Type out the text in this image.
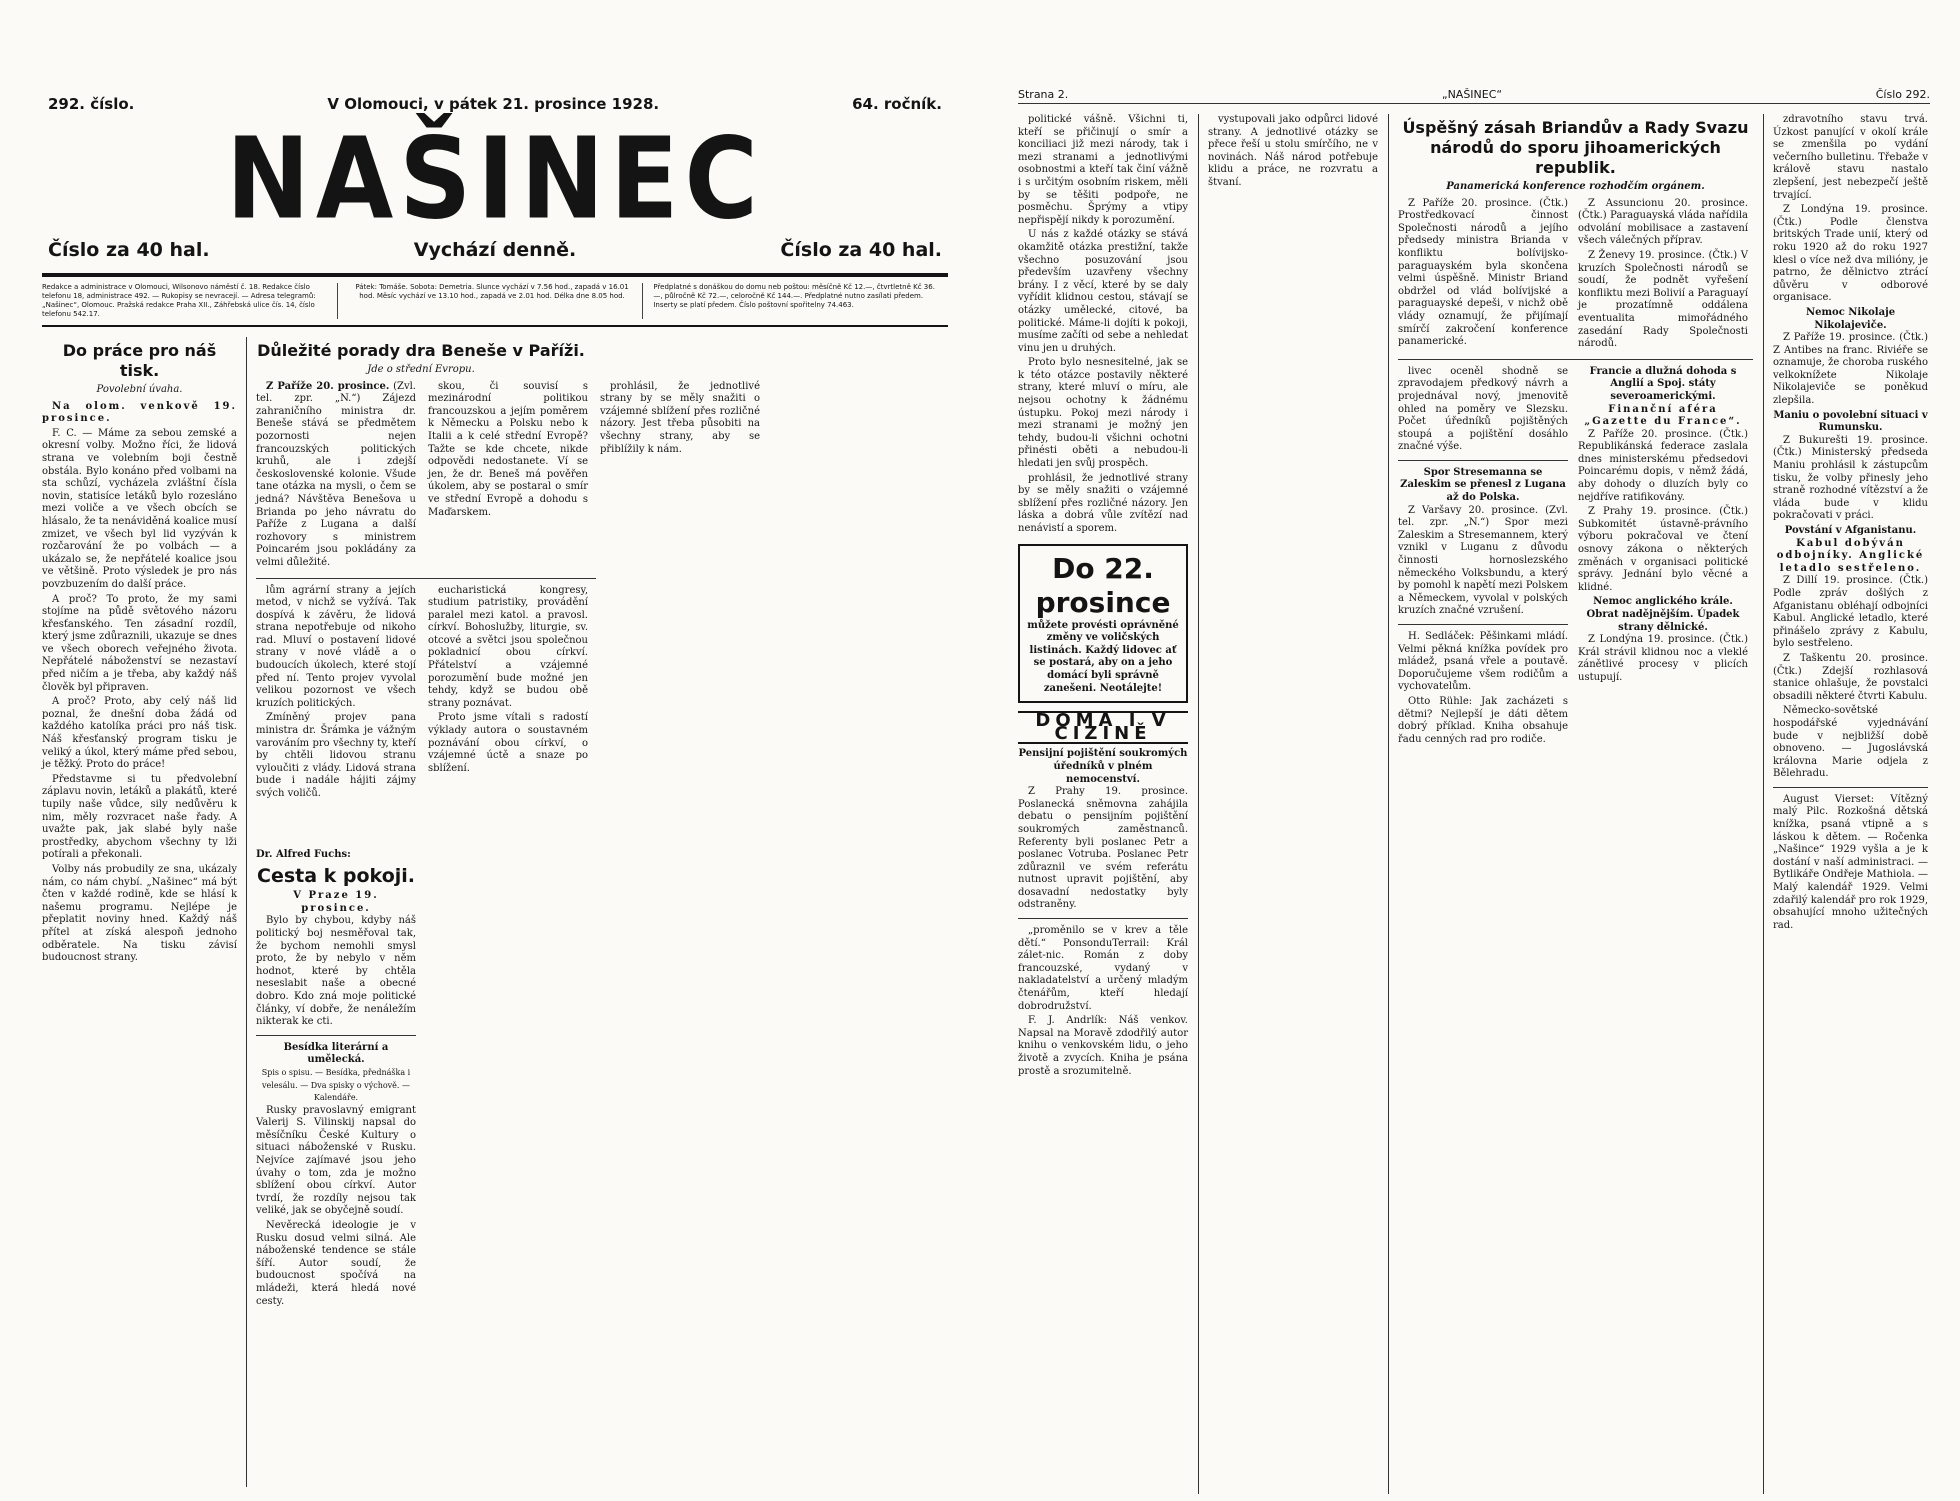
292. číslo.	V Olomouci, v pátek 21. prosince 1928.	64. ročník.
NAŠINEC
Číslo za 40 hal.	Vychází denně.	Číslo za 40 hal.
Redakce a administrace v Olomouci, Wilsonovo náměstí č. 18. Redakce číslo telefonu 18, administrace 492. — Rukopisy se nevracejí. — Adresa telegramů: „Našinec“, Olomouc. Pražská redakce Praha XII., Záhřebská ulice čís. 14, číslo telefonu 542.17.
Pátek: Tomáše. Sobota: Demetria. Slunce vychází v 7.56 hod., zapadá v 16.01 hod. Měsíc vychází ve 13.10 hod., zapadá ve 2.01 hod. Délka dne 8.05 hod.
Předplatné s donáškou do domu neb poštou: měsíčně Kč 12.—, čtvrtletně Kč 36.—, půlročně Kč 72.—, celoročně Kč 144.—. Předplatné nutno zasílati předem. Inserty se platí předem. Číslo poštovní spořitelny 74.463.
Do práce pro náš tisk.
Povolební úvaha.

Na olom. venkově 19. prosince.

F. C. — Máme za sebou zemské a okresní volby. Možno říci, že lidová strana ve volebním boji čestně obstála. Bylo konáno před volbami na sta schůzí, vycházela zvláštní čísla novin, statisíce letáků bylo rozesláno mezi voliče a ve všech obcích se hlásalo, že ta nenáviděná koalice musí zmizet, ve všech byl lid vyzýván k rozčarování že po volbách — a ukázalo se, že nepřátelé koalice jsou ve většině. Proto výsledek je pro nás povzbuzením do další práce.

A proč? To proto, že my sami stojíme na půdě světového názoru křesťanského. Ten zásadní rozdíl, který jsme zdůraznili, ukazuje se dnes ve všech oborech veřejného života. Nepřátelé náboženství se nezastaví před ničím a je třeba, aby každý náš člověk byl připraven.

A proč? Proto, aby celý náš lid poznal, že dnešní doba žádá od každého katolíka práci pro náš tisk. Náš křesťanský program tisku je veliký a úkol, který máme před sebou, je těžký. Proto do práce!

Představme si tu předvolební záplavu novin, letáků a plakátů, které tupily naše vůdce, sily nedůvěru k nim, měly rozvracet naše řady. A uvažte pak, jak slabé byly naše prostředky, abychom všechny ty lži potírali a překonali.

Volby nás probudily ze sna, ukázaly nám, co nám chybí. „Našinec“ má být čten v každé rodině, kde se hlásí k našemu programu. Nejlépe je přeplatit noviny hned. Každý náš přítel at získá alespoň jednoho odběratele. Na tisku závisí budoucnost strany.

Důležité porady dra Beneše v Paříži.
Jde o střední Evropu.

Z Paříže 20. prosince. (Zvl. tel. zpr. „N.“) Zájezd zahraničního ministra dr. Beneše stává se předmětem pozornosti nejen francouzských politických kruhů, ale i zdejší československé kolonie. Všude tane otázka na mysli, o čem se jedná? Návštěva Benešova u Brianda po jeho návratu do Paříže z Lugana a další rozhovory s ministrem Poincarém jsou pokládány za velmi důležité.

skou, či souvisí s mezinárodní politikou francouzskou a jejím poměrem k Německu a Polsku nebo k Italii a k celé střední Evropě? Tažte se kde chcete, nikde odpovědi nedostanete. Ví se jen, že dr. Beneš má pověřen úkolem, aby se postaral o smír ve střední Evropě a dohodu s Maďarskem.

prohlásil, že jednotlivé strany by se měly snažiti o vzájemné sblížení přes rozličné názory. Jest třeba působiti na všechny strany, aby se přiblížily k nám.

lům agrární strany a jejích metod, v nichž se vyžívá. Tak dospívá k závěru, že lidová strana nepotřebuje od nikoho rad. Mluví o postavení lidové strany v nové vládě a o budoucích úkolech, které stojí před ní. Tento projev vyvolal velikou pozornost ve všech kruzích politických.

Zmíněný projev pana ministra dr. Šrámka je vážným varováním pro všechny ty, kteří by chtěli lidovou stranu vyloučiti z vlády. Lidová strana bude i nadále hájiti zájmy svých voličů.

Dr. Alfred Fuchs:
Cesta k pokoji.
V Praze 19. prosince.

Bylo by chybou, kdyby náš politický boj nesměřoval tak, že bychom nemohli smysl proto, že by nebylo v něm hodnot, které by chtěla neseslabit naše a obecné dobro. Kdo zná moje politické články, ví dobře, že nenáležím nikterak ke cti.

Besídka literární a umělecká.
Spis o spisu. — Besídka, přednáška i velesálu. — Dva spisky o výchově. — Kalendáře.

Rusky pravoslavný emigrant Valerij S. Vilinskij napsal do měsíčníku České Kultury o situaci náboženské v Rusku. Nejvíce zajímavé jsou jeho úvahy o tom, zda je možno sblížení obou církví. Autor tvrdí, že rozdíly nejsou tak veliké, jak se obyčejně soudí.

Nevěrecká ideologie je v Rusku dosud velmi silná. Ale náboženské tendence se stále šíří. Autor soudí, že budoucnost spočívá na mládeži, která hledá nové cesty.

eucharistická kongresy, studium patristiky, provádění paralel mezi katol. a pravosl. církví. Bohoslužby, liturgie, sv. otcové a světci jsou společnou pokladnicí obou církví. Přátelství a vzájemné porozumění bude možné jen tehdy, když se budou obě strany poznávat.

Proto jsme vítali s radostí výklady autora o soustavném poznávání obou církví, o vzájemné úctě a snaze po sblížení.

Strana 2.	„NAŠINEC“	Číslo 292.

politické vášně. Všichni ti, kteří se přičinují o smír a konciliaci již mezi národy, tak i mezi stranami a jednotlivými osobnostmi a kteří tak činí vážně i s určitým osobním riskem, měli by se těšiti podpoře, ne posměchu. Šprýmy a vtipy nepřispějí nikdy k porozumění.

U nás z každé otázky se stává okamžitě otázka prestižní, takže všechno posuzování jsou především uzavřeny všechny brány. I z věcí, které by se daly vyřídit klidnou cestou, stávají se otázky umělecké, citové, ba politické. Máme-li dojíti k pokoji, musíme začíti od sebe a nehledat vinu jen u druhých.

Proto bylo nesnesitelné, jak se k této otázce postavily některé strany, které mluví o míru, ale nejsou ochotny k žádnému ústupku. Pokoj mezi národy i mezi stranami je možný jen tehdy, budou-li všichni ochotni přinésti oběti a nebudou-li hledati jen svůj prospěch.

prohlásil, že jednotlivé strany by se měly snažiti o vzájemné sblížení přes rozličné názory. Jen láska a dobrá vůle zvítězí nad nenávistí a sporem.

Do 22. prosince
můžete provésti oprávněné změny ve voličských listinách. Každý lidovec ať se postará, aby on a jeho domácí byli správně zanešeni. Neotálejte!
DOMA I V CIZINĚ
Pensijní pojištění soukromých úředníků v plném nemocenství.

Z Prahy 19. prosince. Poslanecká sněmovna zahájila debatu o pensijním pojištění soukromých zaměstnanců. Referenty byli poslanec Petr a poslanec Votruba. Poslanec Petr zdůraznil ve svém referátu nutnost upravit pojištění, aby dosavadní nedostatky byly odstraněny.

„proměnilo se v krev a těle dětí.“ PonsonduTerrail: Král zálet-nic. Román z doby francouzské, vydaný v nakladatelství a určený mladým čtenářům, kteří hledají dobrodružství.

F. J. Andrlík: Náš venkov. Napsal na Moravě zdodřilý autor knihu o venkovském lidu, o jeho životě a zvycích. Kniha je psána prostě a srozumitelně.

vystupovali jako odpůrci lidové strany. A jednotlivé otázky se přece řeší u stolu smírčího, ne v novinách. Náš národ potřebuje klidu a práce, ne rozvratu a štvaní.

Úspěšný zásah Briandův a Rady Svazu národů do sporu jihoamerických republik.
Panamerická konference rozhodčím orgánem.

Z Paříže 20. prosince. (Čtk.) Prostředkovací činnost Společnosti národů a jejího předsedy ministra Brianda v konfliktu bolívijsko-paraguayském byla skončena velmi úspěšně. Ministr Briand obdržel od vlád bolívijské a paraguayské depeši, v nichž obě vlády oznamují, že přijímají smírčí zakročení konference panamerické.

Z Assuncionu 20. prosince. (Čtk.) Paraguayská vláda nařídila odvolání mobilisace a zastavení všech válečných příprav.

Z Ženevy 19. prosince. (Čtk.) V kruzích Společnosti národů se soudí, že podnět vyřešení konfliktu mezi Bolivií a Paraguayí je prozatímně oddálena eventualita mimořádného zasedání Rady Společnosti národů.

livec oceněl shodně se zpravodajem předkový návrh a projednával nový, jmenovitě ohled na poměry ve Slezsku. Počet úředníků pojištěných stoupá a pojištění dosáhlo značné výše.

Spor Stresemanna se Zaleskim se přenesl z Lugana až do Polska.

Z Varšavy 20. prosince. (Zvl. tel. zpr. „N.“) Spor mezi Zaleskim a Stresemannem, který vznikl v Luganu z důvodu činnosti hornoslezského německého Volksbundu, a který by pomohl k napětí mezi Polskem a Německem, vyvolal v polských kruzích značné vzrušení.

H. Sedláček: Pěšinkami mládí. Velmi pěkná knížka povídek pro mládež, psaná vřele a poutavě. Doporučujeme všem rodičům a vychovatelům.

Otto Rühle: Jak zacházeti s dětmi? Nejlepší je dáti dětem dobrý příklad. Kniha obsahuje řadu cenných rad pro rodiče.

Francie a dlužná dohoda s Anglií a Spoj. státy severoamerickými.
Finanční aféra „Gazette du France“.

Z Paříže 20. prosince. (Čtk.) Republikánská federace zaslala dnes ministerskému předsedovi Poincarému dopis, v němž žádá, aby dohody o dluzích byly co nejdříve ratifikovány.

Z Prahy 19. prosince. (Čtk.) Subkomitét ústavně-právního výboru pokračoval ve čtení osnovy zákona o některých změnách v organisaci politické správy. Jednání bylo věcné a klidné.

Nemoc anglického krále. Obrat nadějnějším. Úpadek strany dělnické.

Z Londýna 19. prosince. (Čtk.) Král strávil klidnou noc a vleklé zánětlivé procesy v plicích ustupují.

zdravotního stavu trvá. Úzkost panující v okolí krále se zmenšila po vydání večerního bulletinu. Třebaže v králově stavu nastalo zlepšení, jest nebezpečí ještě trvající.

Z Londýna 19. prosince. (Čtk.) Podle členstva britských Trade unií, který od roku 1920 až do roku 1927 klesl o více než dva milióny, je patrno, že dělnictvo ztrácí důvěru v odborové organisace.

Nemoc Nikolaje Nikolajeviče.

Z Paříže 19. prosince. (Čtk.) Z Antibes na franc. Riviéře se oznamuje, že choroba ruského velkoknížete Nikolaje Nikolajeviče se poněkud zlepšila.

Maniu o povolební situaci v Rumunsku.

Z Bukurešti 19. prosince. (Čtk.) Ministerský předseda Maniu prohlásil k zástupcům tisku, že volby přinesly jeho straně rozhodné vítězství a že vláda bude v klidu pokračovati v práci.

Povstání v Afganistanu.
Kabul dobýván odbojníky. Anglické letadlo sestřeleno.

Z Dillí 19. prosince. (Čtk.) Podle zpráv došlých z Afganistanu obléhají odbojníci Kabul. Anglické letadlo, které přinášelo zprávy z Kabulu, bylo sestřeleno.

Z Taškentu 20. prosince. (Čtk.) Zdejší rozhlasová stanice ohlašuje, že povstalci obsadili některé čtvrti Kabulu.

Německo-sovětské hospodářské vyjednávání bude v nejbližší době obnoveno. — Jugoslávská královna Marie odjela z Bělehradu.

August Vierset: Vítězný malý Pilc. Rozkošná dětská knížka, psaná vtipně a s láskou k dětem. — Ročenka „Našince“ 1929 vyšla a je k dostání v naší administraci. — Bytlikáře Ondřeje Mathiola. — Malý kalendář 1929. Velmi zdařilý kalendář pro rok 1929, obsahující mnoho užitečných rad.
